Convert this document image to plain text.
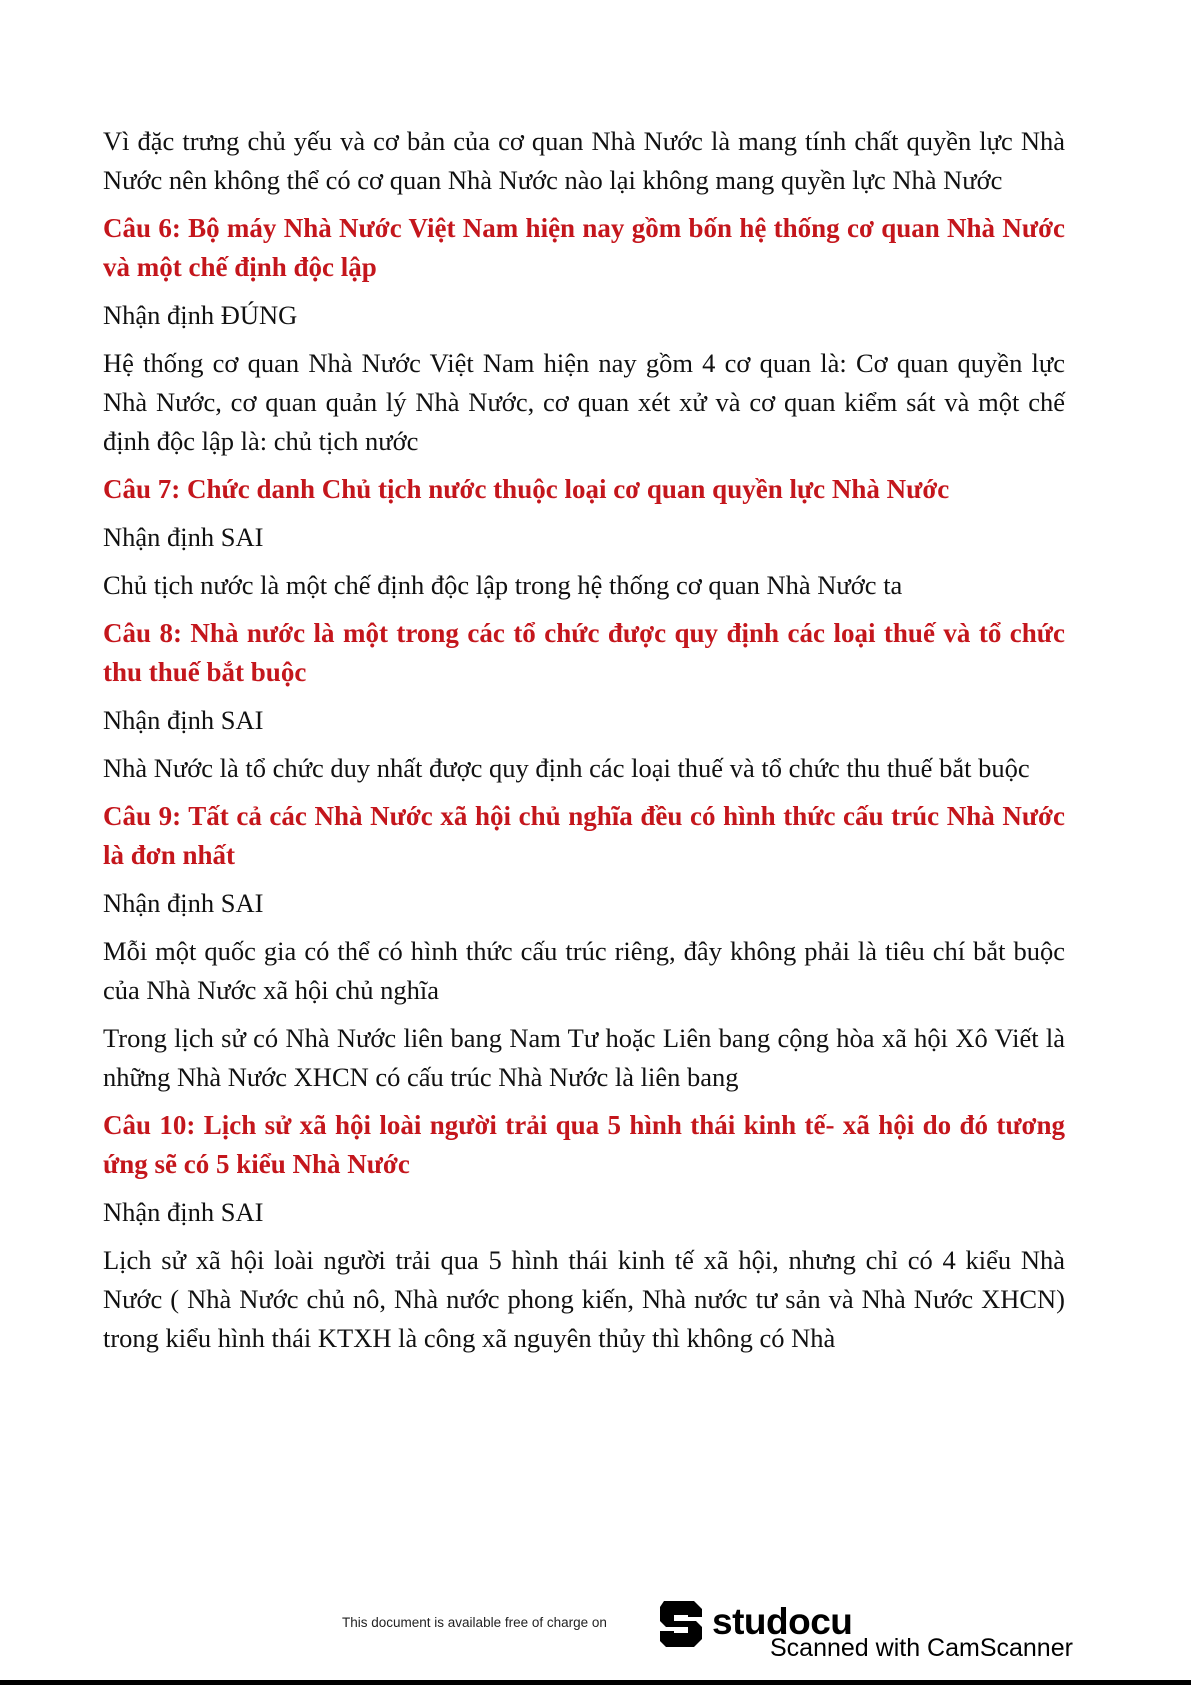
Vì đặc trưng chủ yếu và cơ bản của cơ quan Nhà Nước là mang tính chất quyền lực Nhà Nước nên không thể có cơ quan Nhà Nước nào lại không mang quyền lực Nhà Nước

Câu 6: Bộ máy Nhà Nước Việt Nam hiện nay gồm bốn hệ thống cơ quan Nhà Nước và một chế định độc lập

Nhận định ĐÚNG

Hệ thống cơ quan Nhà Nước Việt Nam hiện nay gồm 4 cơ quan là: Cơ quan quyền lực Nhà Nước, cơ quan quản lý Nhà Nước, cơ quan xét xử và cơ quan kiểm sát và một chế định độc lập là: chủ tịch nước

Câu 7: Chức danh Chủ tịch nước thuộc loại cơ quan quyền lực Nhà Nước

Nhận định SAI

Chủ tịch nước là một chế định độc lập trong hệ thống cơ quan Nhà Nước ta

Câu 8: Nhà nước là một trong các tổ chức được quy định các loại thuế và tổ chức thu thuế bắt buộc

Nhận định SAI

Nhà Nước là tổ chức duy nhất được quy định các loại thuế và tổ chức thu thuế bắt buộc

Câu 9: Tất cả các Nhà Nước xã hội chủ nghĩa đều có hình thức cấu trúc Nhà Nước là đơn nhất

Nhận định SAI

Mỗi một quốc gia có thể có hình thức cấu trúc riêng, đây không phải là tiêu chí bắt buộc của Nhà Nước xã hội chủ nghĩa

Trong lịch sử có Nhà Nước liên bang Nam Tư hoặc Liên bang cộng hòa xã hội Xô Viết là những Nhà Nước XHCN có cấu trúc Nhà Nước là liên bang

Câu 10: Lịch sử xã hội loài người trải qua 5 hình thái kinh tế- xã hội do đó tương ứng sẽ có 5 kiểu Nhà Nước

Nhận định SAI

Lịch sử xã hội loài người trải qua 5 hình thái kinh tế xã hội, nhưng chỉ có 4 kiểu Nhà Nước ( Nhà Nước chủ nô, Nhà nước phong kiến, Nhà nước tư sản và Nhà Nước XHCN) trong kiểu hình thái KTXH là công xã nguyên thủy thì không có Nhà

This document is available free of charge on	studocu
Scanned with CamScanner
